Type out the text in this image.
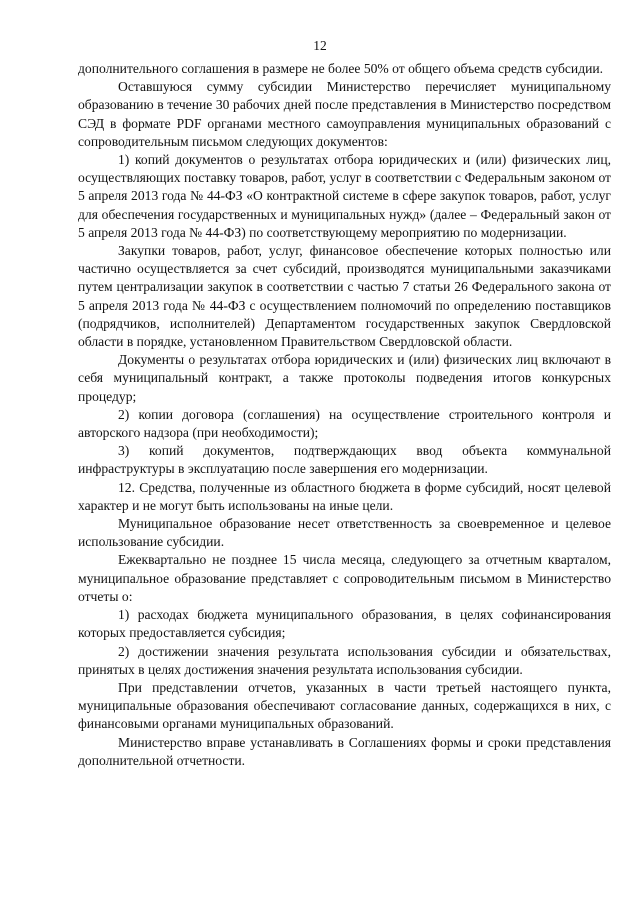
12

дополнительного соглашения в размере не более 50% от общего объема средств субсидии.

Оставшуюся сумму субсидии Министерство перечисляет муниципальному образованию в течение 30 рабочих дней после представления в Министерство посредством СЭД в формате PDF органами местного самоуправления муниципальных образований с сопроводительным письмом следующих документов:

1) копий документов о результатах отбора юридических и (или) физических лиц, осуществляющих поставку товаров, работ, услуг в соответствии с Федеральным законом от 5 апреля 2013 года № 44-ФЗ «О контрактной системе в сфере закупок товаров, работ, услуг для обеспечения государственных и муниципальных нужд» (далее – Федеральный закон от 5 апреля 2013 года № 44-ФЗ) по соответствующему мероприятию по модернизации.

Закупки товаров, работ, услуг, финансовое обеспечение которых полностью или частично осуществляется за счет субсидий, производятся муниципальными заказчиками путем централизации закупок в соответствии с частью 7 статьи 26 Федерального закона от 5 апреля 2013 года № 44-ФЗ с осуществлением полномочий по определению поставщиков (подрядчиков, исполнителей) Департаментом государственных закупок Свердловской области в порядке, установленном Правительством Свердловской области.

Документы о результатах отбора юридических и (или) физических лиц включают в себя муниципальный контракт, а также протоколы подведения итогов конкурсных процедур;

2) копии договора (соглашения) на осуществление строительного контроля и авторского надзора (при необходимости);

3) копий документов, подтверждающих ввод объекта коммунальной инфраструктуры в эксплуатацию после завершения его модернизации.

12. Средства, полученные из областного бюджета в форме субсидий, носят целевой характер и не могут быть использованы на иные цели.

Муниципальное образование несет ответственность за своевременное и целевое использование субсидии.

Ежеквартально не позднее 15 числа месяца, следующего за отчетным кварталом, муниципальное образование представляет с сопроводительным письмом в Министерство отчеты о:

1) расходах бюджета муниципального образования, в целях софинансирования которых предоставляется субсидия;

2) достижении значения результата использования субсидии и обязательствах, принятых в целях достижения значения результата использования субсидии.

При представлении отчетов, указанных в части третьей настоящего пункта, муниципальные образования обеспечивают согласование данных, содержащихся в них, с финансовыми органами муниципальных образований.

Министерство вправе устанавливать в Соглашениях формы и сроки представления дополнительной отчетности.
